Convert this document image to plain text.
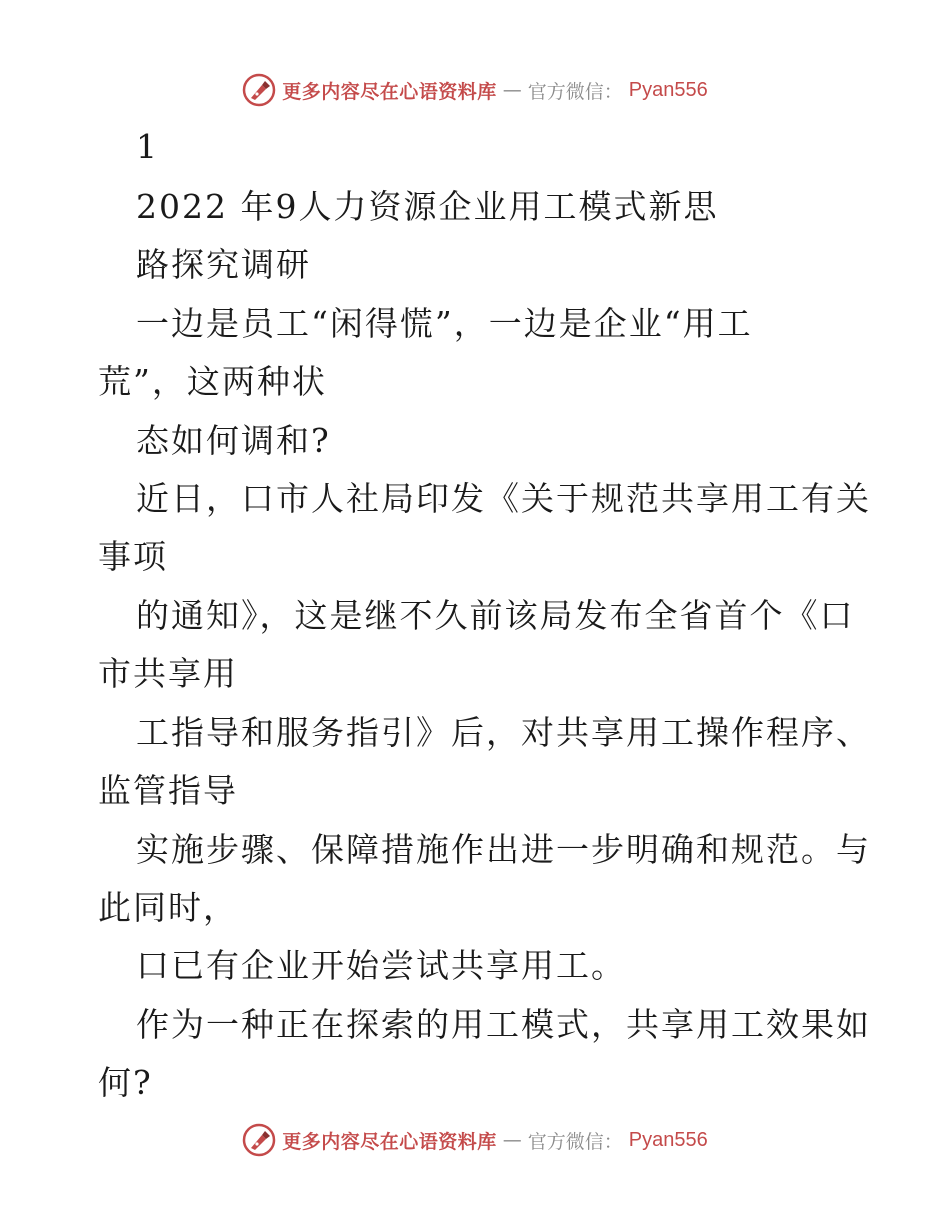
更多内容尽在心语资料库 — 官方微信： Pyan556
1
2022 年9人力资源企业用工模式新思
路探究调研
一边是员工“闲得慌”，一边是企业“用工
荒”，这两种状
态如何调和?
近日，口市人社局印发《关于规范共享用工有关
事项
的通知》，这是继不久前该局发布全省首个《口
市共享用
工指导和服务指引》后，对共享用工操作程序、
监管指导
实施步骤、保障措施作出进一步明确和规范。与
此同时，
口已有企业开始尝试共享用工。
作为一种正在探索的用工模式，共享用工效果如
何?
更多内容尽在心语资料库 — 官方微信： Pyan556
